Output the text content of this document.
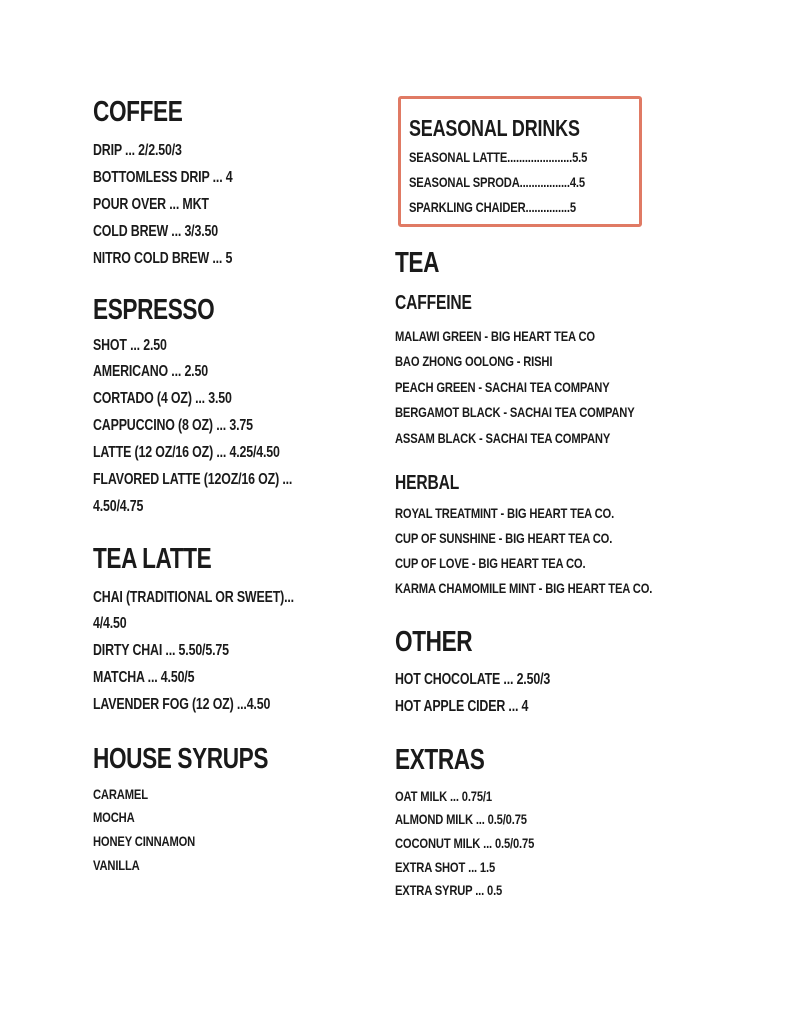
COFFEE
DRIP ... 2/2.50/3
BOTTOMLESS DRIP ... 4
POUR OVER ... MKT
COLD BREW ... 3/3.50
NITRO COLD BREW ... 5
ESPRESSO
SHOT ... 2.50
AMERICANO ... 2.50
CORTADO (4 OZ) ... 3.50
CAPPUCCINO (8 OZ) ... 3.75
LATTE (12 OZ/16 OZ) ... 4.25/4.50
FLAVORED LATTE (12OZ/16 OZ) ...
4.50/4.75
TEA LATTE
CHAI (TRADITIONAL OR SWEET)...
4/4.50
DIRTY CHAI ... 5.50/5.75
MATCHA ... 4.50/5
LAVENDER FOG (12 OZ) ...4.50
HOUSE SYRUPS
CARAMEL
MOCHA
HONEY CINNAMON
VANILLA
SEASONAL DRINKS
SEASONAL LATTE......................5.5
SEASONAL SPRODA.................4.5
SPARKLING CHAIDER...............5
TEA
CAFFEINE
MALAWI GREEN - BIG HEART TEA CO
BAO ZHONG OOLONG - RISHI
PEACH GREEN - SACHAI TEA COMPANY
BERGAMOT BLACK - SACHAI TEA COMPANY
ASSAM BLACK - SACHAI TEA COMPANY
HERBAL
ROYAL TREATMINT - BIG HEART TEA CO.
CUP OF SUNSHINE - BIG HEART TEA CO.
CUP OF LOVE - BIG HEART TEA CO.
KARMA CHAMOMILE MINT - BIG HEART TEA CO.
OTHER
HOT CHOCOLATE ... 2.50/3
HOT APPLE CIDER ... 4
EXTRAS
OAT MILK ... 0.75/1
ALMOND MILK ... 0.5/0.75
COCONUT MILK ... 0.5/0.75
EXTRA SHOT ... 1.5
EXTRA SYRUP ... 0.5
